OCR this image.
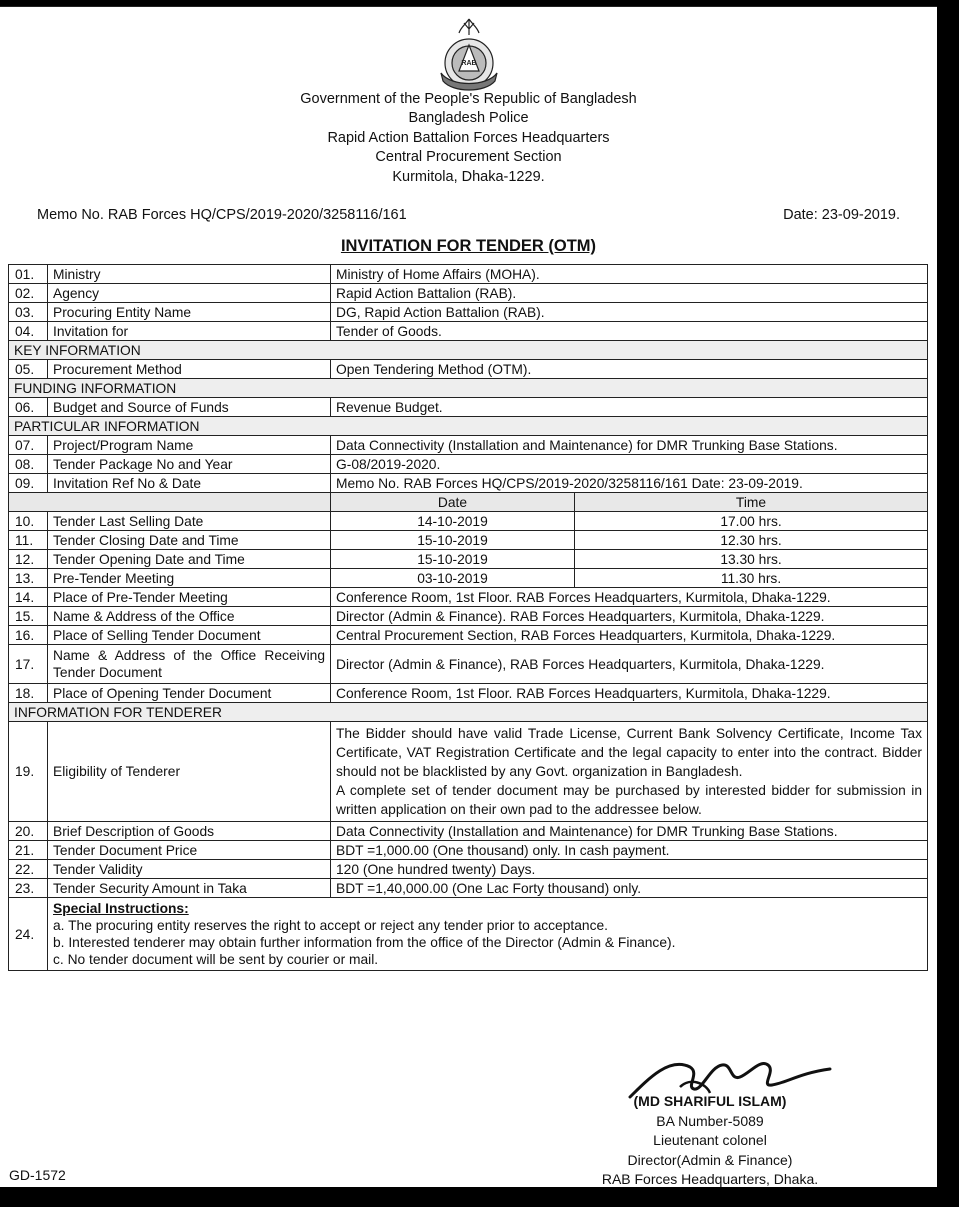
RAB
Government of the People's Republic of Bangladesh
Bangladesh Police
Rapid Action Battalion Forces Headquarters
Central Procurement Section
Kurmitola, Dhaka-1229.
Memo No. RAB Forces HQ/CPS/2019-2020/3258116/161	Date: 23-09-2019.
INVITATION FOR TENDER (OTM)
01.	Ministry	Ministry of Home Affairs (MOHA).	
02.	Agency	Rapid Action Battalion (RAB).	
03.	Procuring Entity Name	DG, Rapid Action Battalion (RAB).	
04.	Invitation for	Tender of Goods.	
KEY INFORMATION			
05.	Procurement Method	Open Tendering Method (OTM).	
FUNDING INFORMATION			
06.	Budget and Source of Funds	Revenue Budget.	
PARTICULAR INFORMATION			
07.	Project/Program Name	Data Connectivity (Installation and Maintenance) for DMR Trunking Base Stations.	
08.	Tender Package No and Year	G-08/2019-2020.	
09.	Invitation Ref No & Date	Memo No. RAB Forces HQ/CPS/2019-2020/3258116/161 Date: 23-09-2019.	
		Date	Time
10.	Tender Last Selling Date	14-10-2019	17.00 hrs.
11.	Tender Closing Date and Time	15-10-2019	12.30 hrs.
12.	Tender Opening Date and Time	15-10-2019	13.30 hrs.
13.	Pre-Tender Meeting	03-10-2019	11.30 hrs.
14.	Place of Pre-Tender Meeting	Conference Room, 1st Floor. RAB Forces Headquarters, Kurmitola, Dhaka-1229.	
15.	Name & Address of the Office	Director (Admin & Finance). RAB Forces Headquarters, Kurmitola, Dhaka-1229.	
16.	Place of Selling Tender Document	Central Procurement Section, RAB Forces Headquarters, Kurmitola, Dhaka-1229.	
17.	Name & Address of the Office Receiving Tender Document	Director (Admin & Finance), RAB Forces Headquarters, Kurmitola, Dhaka-1229.	
18.	Place of Opening Tender Document	Conference Room, 1st Floor. RAB Forces Headquarters, Kurmitola, Dhaka-1229.	
INFORMATION FOR TENDERER			
19.	Eligibility of Tenderer	The Bidder should have valid Trade License, Current Bank Solvency Certificate, Income Tax Certificate, VAT Registration Certificate and the legal capacity to enter into the contract. Bidder should not be blacklisted by any Govt. organization in Bangladesh.
A complete set of tender document may be purchased by interested bidder for submission in written application on their own pad to the addressee below.	

20.	Brief Description of Goods	Data Connectivity (Installation and Maintenance) for DMR Trunking Base Stations.	
21.	Tender Document Price	BDT =1,000.00 (One thousand) only. In cash payment.	
22.	Tender Validity	120 (One hundred twenty) Days.	
23.	Tender Security Amount in Taka	BDT =1,40,000.00 (One Lac Forty thousand) only.	
24.	Special Instructions:
a. The procuring entity reserves the right to accept or reject any tender prior to acceptance.
b. Interested tenderer may obtain further information from the office of the Director (Admin & Finance).
c. No tender document will be sent by courier or mail.		
(MD SHARIFUL ISLAM)
BA Number-5089
Lieutenant colonel
Director(Admin & Finance)
RAB Forces Headquarters, Dhaka.
GD-1572
